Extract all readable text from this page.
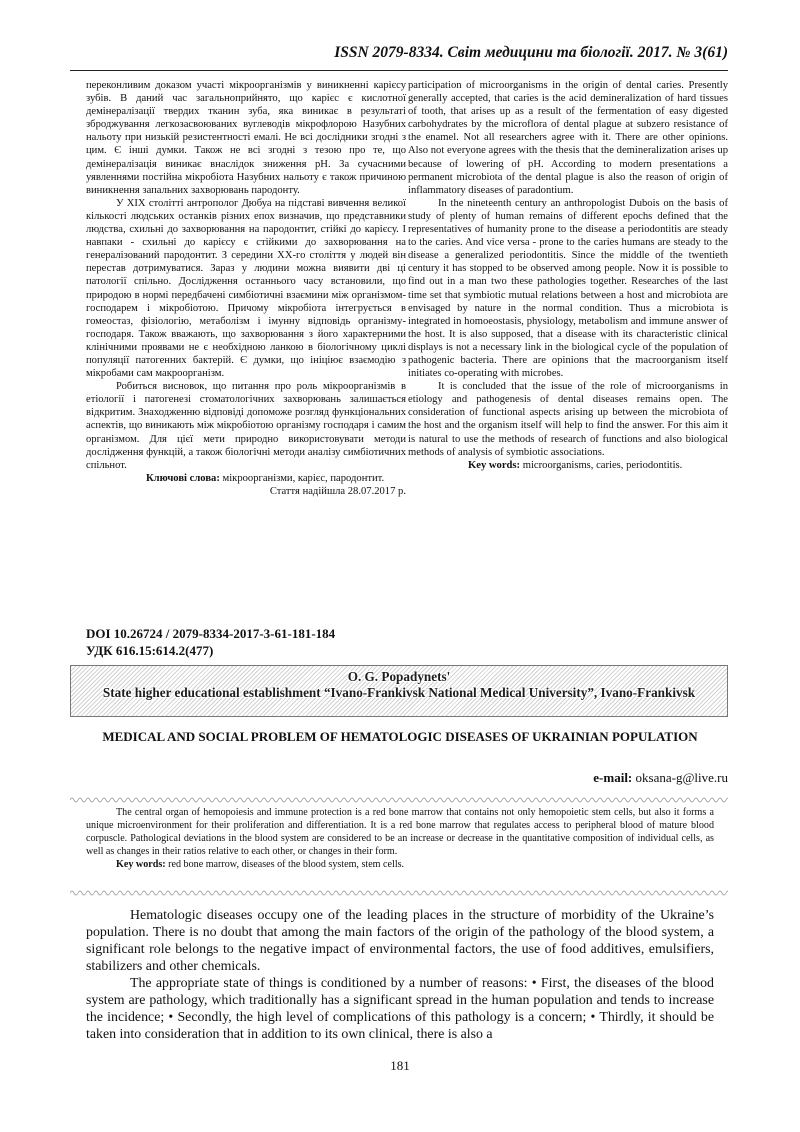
ISSN 2079-8334. Світ медицини та біології. 2017. № 3(61)

переконливим доказом участі мікроорганізмів у виникненні карієсу зубів. В даний час загальноприйнято, що карієс є кислотної демінералізації твердих тканин зуба, яка виникає в результаті зброджування легкозасвоюваних вуглеводів мікрофлорою Назубних нальоту при низькій резистентності емалі. Не всі дослідники згодні з цим. Є інші думки. Також не всі згодні з тезою про те, що демінералізація виникає внаслідок зниження рН. За сучасними уявленнями постійна мікробіота Назубних нальоту є також причиною виникнення запальних захворювань пародонту.

У XIX столітті антрополог Дюбуа на підставі вивчення великої кількості людських останків різних епох визначив, що представники людства, схильні до захворювання на пародонтит, стійкі до карієсу. І навпаки - схильні до карієсу є стійкими до захворювання на генералізований пародонтит. З середини XX-го століття у людей він перестав дотримуватися. Зараз у людини можна виявити дві ці патології спільно. Дослідження останнього часу встановили, що природою в нормі передбачені симбіотичні взаємини між організмом-господарем і мікробіотою. Причому мікробіота інтегрується в гомеостаз, фізіологію, метаболізм і імунну відповідь організму-господаря. Також вважають, що захворювання з його характерними клінічними проявами не є необхідною ланкою в біологічному циклі популяції патогенних бактерій. Є думки, що ініціює взаємодію з мікробами сам макроорганізм.

Робиться висновок, що питання про роль мікроорганізмів в етіології і патогенезі стоматологічних захворювань залишається відкритим. Знаходженню відповіді допоможе розгляд функціональних аспектів, що виникають між мікробіотою організму господаря і самим організмом. Для цієї мети природно використовувати методи дослідження функцій, а також біологічні методи аналізу симбіотичних спільнот.

Ключові слова: мікроорганізми, карієс, пародонтит.

Стаття надійшла 28.07.2017 р.

participation of microorganisms in the origin of dental caries. Presently generally accepted, that caries is the acid demineralization of hard tissues of tooth, that arises up as a result of the fermentation of easy digested carbohydrates by the microflora of dental plague at subzero resistance of the enamel. Not all researchers agree with it. There are other opinions. Also not everyone agrees with the thesis that the demineralization arises up because of lowering of pH. According to modern presentations a permanent microbiota of the dental plague is also the reason of origin of inflammatory diseases of paradontium.

In the nineteenth century an anthropologist Dubois on the basis of study of plenty of human remains of different epochs defined that the representatives of humanity prone to the disease a periodontitis are steady to the caries. And vice versa - prone to the caries humans are steady to the disease a generalized periodontitis. Since the middle of the twentieth century it has stopped to be observed among people. Now it is possible to find out in a man two these pathologies together. Researches of the last time set that symbiotic mutual relations between a host and microbiota are envisaged by nature in the normal condition. Thus a microbiota is integrated in homoeostasis, physiology, metabolism and immune answer of the host. It is also supposed, that a disease with its characteristic clinical displays is not a necessary link in the biological cycle of the population of pathogenic bacteria. There are opinions that the macroorganism itself initiates co-operating with microbes.

It is concluded that the issue of the role of microorganisms in etiology and pathogenesis of dental diseases remains open. The consideration of functional aspects arising up between the microbiota of the host and the organism itself will help to find the answer. For this aim it is natural to use the methods of research of functions and also biological methods of analysis of symbiotic associations.

Key words: microorganisms, caries, periodontitis.

DOI 10.26724 / 2079-8334-2017-3-61-181-184
УДК 616.15:614.2(477)
O. G. Popadynets'
State higher educational establishment “Ivano-Frankivsk National Medical University”, Ivano-Frankivsk
MEDICAL AND SOCIAL PROBLEM OF HEMATOLOGIC DISEASES OF UKRAINIAN POPULATION
e-mail: oksana-g@live.ru

The central organ of hemopoiesis and immune protection is a red bone marrow that contains not only hemopoietic stem cells, but also it forms a unique microenvironment for their proliferation and differentiation. It is a red bone marrow that regulates access to peripheral blood of mature blood corpuscle. Pathological deviations in the blood system are considered to be an increase or decrease in the quantitative composition of individual cells, as well as changes in their ratios relative to each other, or changes in their form.

Key words: red bone marrow, diseases of the blood system, stem cells.

Hematologic diseases occupy one of the leading places in the structure of morbidity of the Ukraine’s population. There is no doubt that among the main factors of the origin of the pathology of the blood system, a significant role belongs to the negative impact of environmental factors, the use of food additives, emulsifiers, stabilizers and other chemicals.

The appropriate state of things is conditioned by a number of reasons: • First, the diseases of the blood system are pathology, which traditionally has a significant spread in the human population and tends to increase the incidence; • Secondly, the high level of complications of this pathology is a concern; • Thirdly, it should be taken into consideration that in addition to its own clinical, there is also a

181
